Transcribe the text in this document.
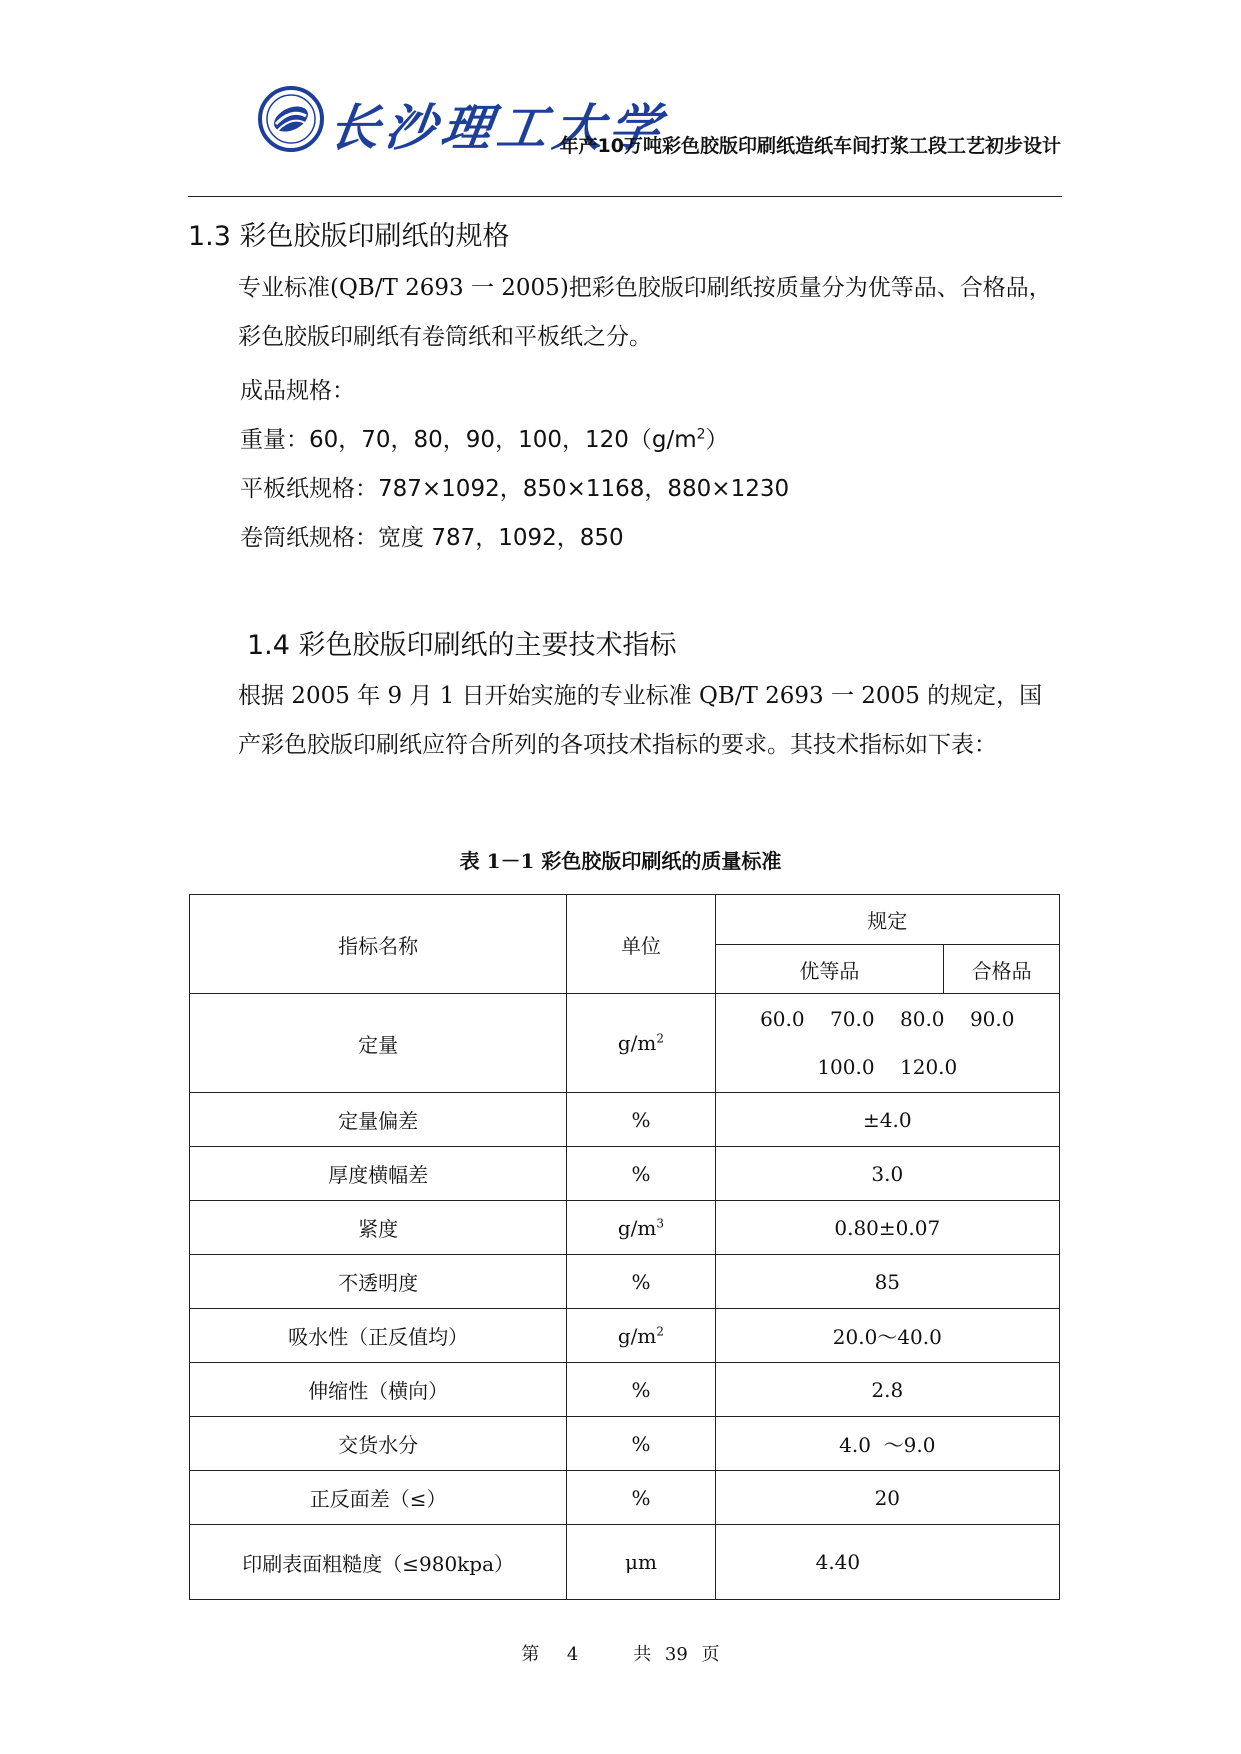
长沙理工大学
年产10万吨彩色胶版印刷纸造纸车间打浆工段工艺初步设计
1.3 彩色胶版印刷纸的规格
专业标准(QB/T 2693 一 2005)把彩色胶版印刷纸按质量分为优等品、合格品，彩色胶版印刷纸有卷筒纸和平板纸之分。
成品规格：
重量：60，70，80，90，100，$120(g/m^2)$
平板纸规格：787×1092，850×1168，880×1230
卷筒纸规格：宽度 787，1092，850
1.4 彩色胶版印刷纸的主要技术指标
根据 2005 年 9 月 1 日开始实施的专业标准 QB/T 2693 一 2005 的规定，国产彩色胶版印刷纸应符合所列的各项技术指标的要求。其技术指标如下表：
表 1－1 彩色胶版印刷纸的质量标准
指标名称	单位	规定	
		优等品	合格品
定量	$g/m^2$	60.0    70.0    80.0    90.0
100.0    120.0	

定量偏差	%	±4.0	
厚度横幅差	%	3.0	
紧度	$g/m^3$	0.80±0.07	
不透明度	%	85	
吸水性（正反值均）	$g/m^2$	20.0～40.0	
伸缩性（横向）	%	2.8	
交货水分	%	4.0  ～9.0	
正反面差（≤）	%	20	
印刷表面粗糙度（≤980kpa）	μm	4.40	
第  4    共 39 页
